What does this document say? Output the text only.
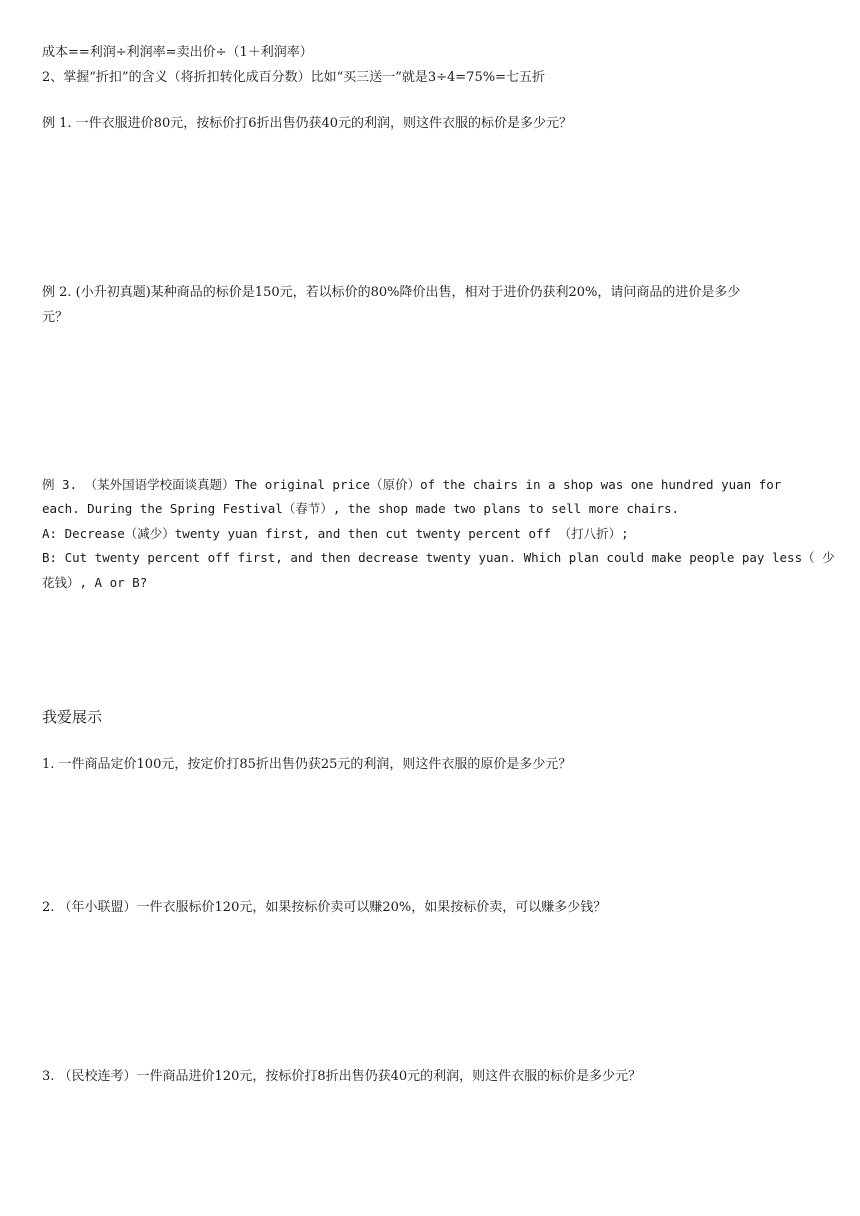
成本==利润÷利润率=卖出价÷（1＋利润率）
2、掌握“折扣”的含义（将折扣转化成百分数）比如“买三送一”就是3÷4=75%=七五折
例 1. 一件衣服进价80元，按标价打6折出售仍获40元的利润，则这件衣服的标价是多少元？
例 2. (小升初真题)某种商品的标价是150元，若以标价的80%降价出售，相对于进价仍获利20%，请问商品的进价是多少
元？
例 3. （某外国语学校面谈真题）The original price（原价）of the chairs in a shop was one hundred yuan for
each. During the Spring Festival（春节）, the shop made two plans to sell more chairs.
A: Decrease（减少）twenty yuan first, and then cut twenty percent off （打八折）;
B: Cut twenty percent off first, and then decrease twenty yuan. Which plan could make people pay less（ 少
花钱）, A or B?
我爱展示
1. 一件商品定价100元，按定价打85折出售仍获25元的利润，则这件衣服的原价是多少元？
2. （年小联盟）一件衣服标价120元，如果按标价卖可以赚20%，如果按标价卖，可以赚多少钱？
3. （民校连考）一件商品进价120元，按标价打8折出售仍获40元的利润，则这件衣服的标价是多少元？
